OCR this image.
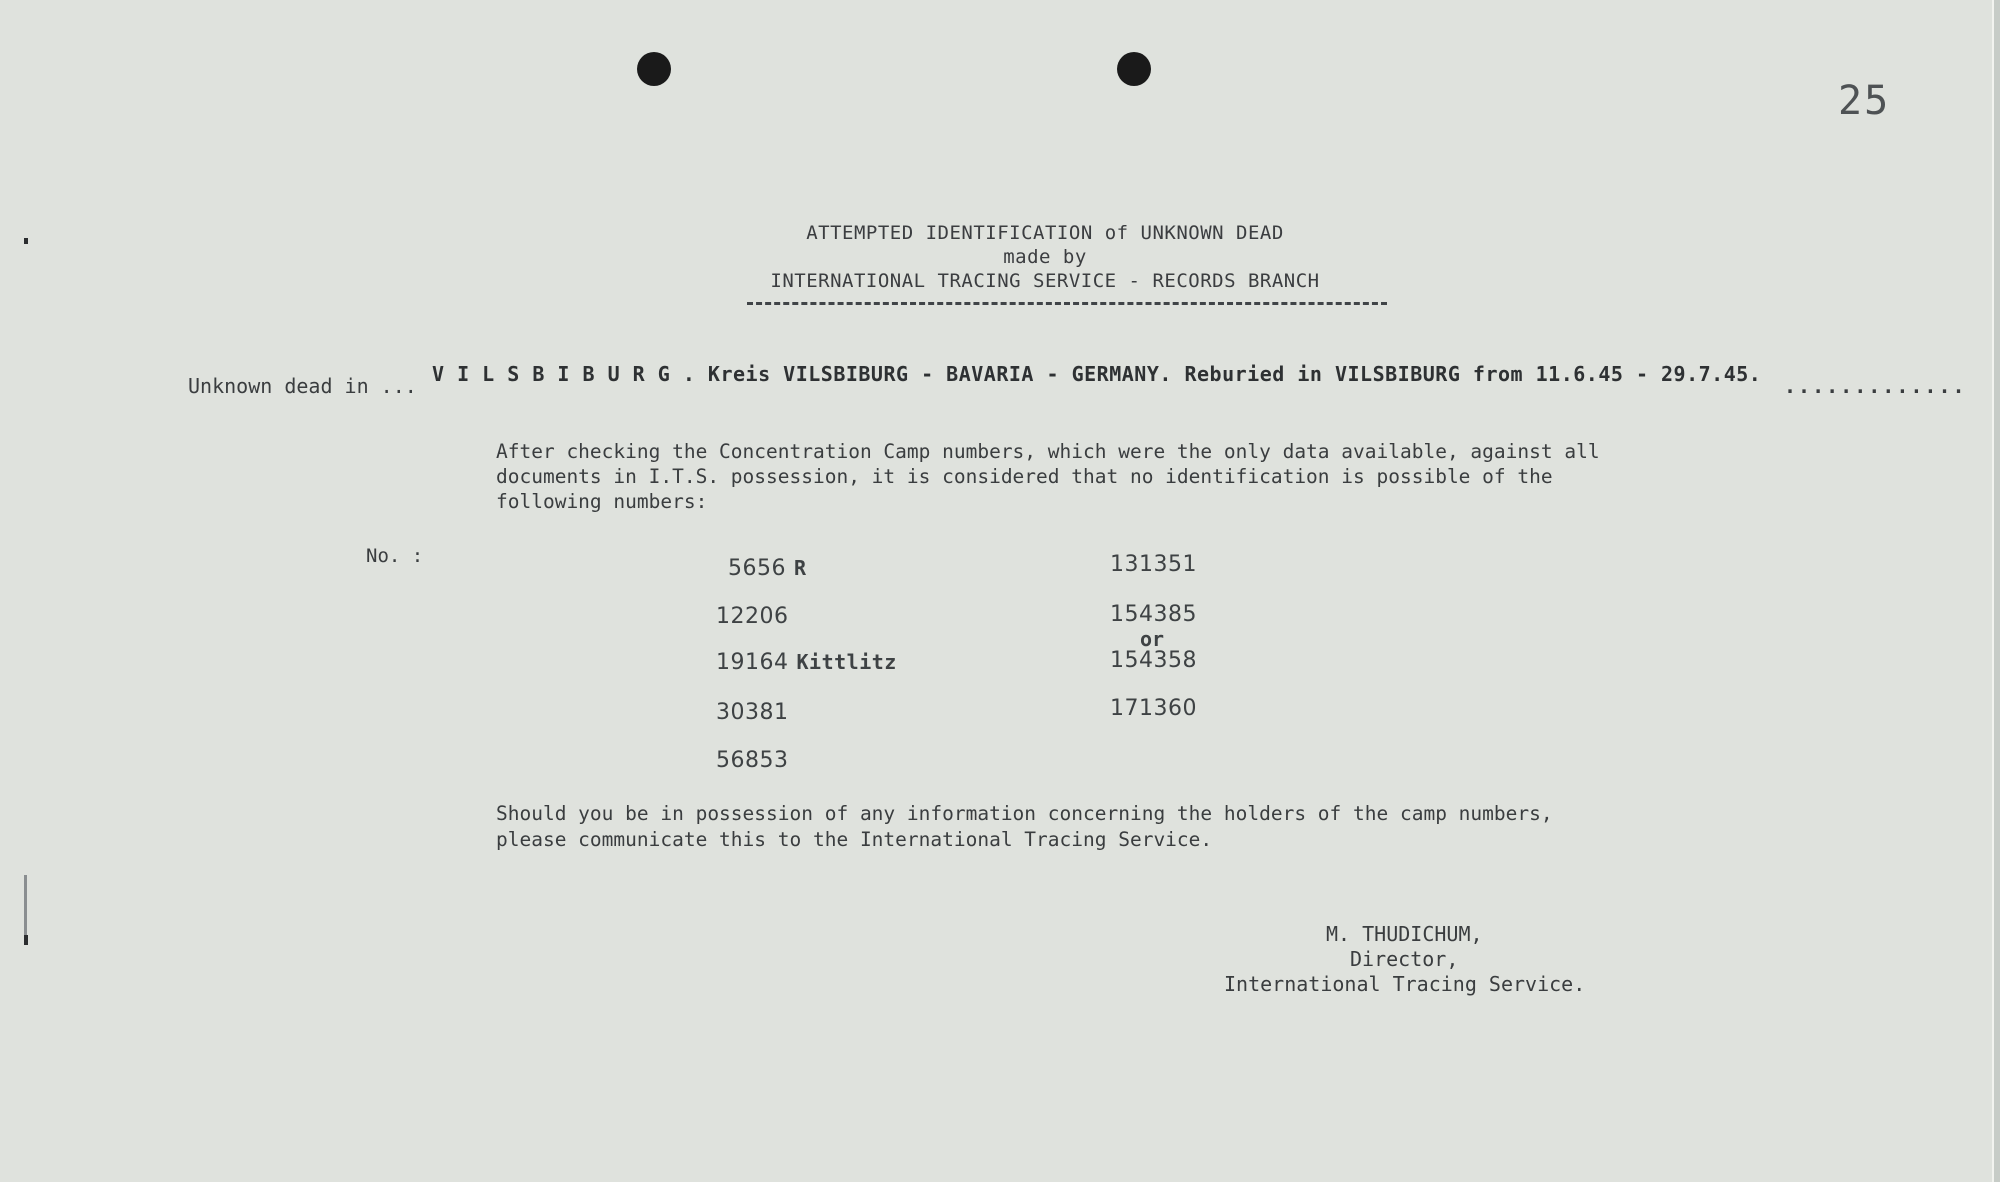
25
ATTEMPTED IDENTIFICATION of UNKNOWN DEAD
made by
INTERNATIONAL TRACING SERVICE - RECORDS BRANCH
Unknown dead in ... V I L S B I B U R G . Kreis VILSBIBURG - BAVARIA - GERMANY. Reburied in VILSBIBURG from 11.6.45 - 29.7.45. .............
After checking the Concentration Camp numbers, which were the only data available, against all
documents in I.T.S. possession, it is considered that no identification is possible of the
following numbers:
No. :	5656 R
12206
19164 Kittlitz
30381
56853
131351
154385
or
154358
171360
Should you be in possession of any information concerning the holders of the camp numbers,
please communicate this to the International Tracing Service.
M. THUDICHUM,
Director,
International Tracing Service.
